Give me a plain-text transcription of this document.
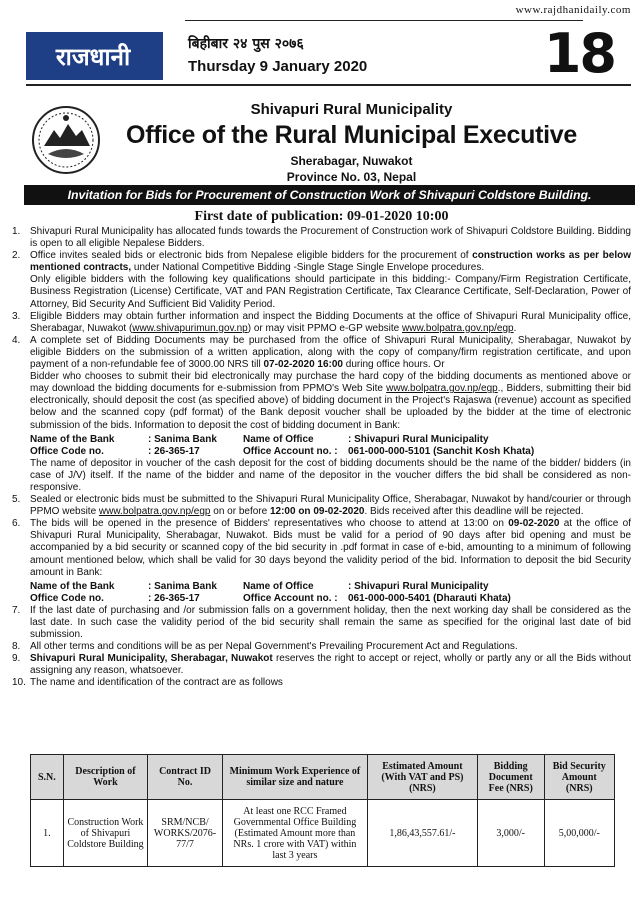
www.rajdhanidaily.com
राजधानी	बिहीबार २४ पुस २०७६
Thursday 9 January 2020	18
Shivapuri Rural Municipality
Office of the Rural Municipal Executive
Sherabagar, Nuwakot
Province No. 03, Nepal
Invitation for Bids for Procurement of Construction Work of Shivapuri Coldstore Building.
First date of publication: 09-01-2020 10:00
1. Shivapuri Rural Municipality has allocated funds towards the Procurement of Construction work of Shivapuri Coldstore Building. Bidding is open to all eligible Nepalese Bidders.
2. Office invites sealed bids or electronic bids from Nepalese eligible bidders for the procurement of construction works as per below mentioned contracts, under National Competitive Bidding -Single Stage Single Envelope procedures.
Only eligible bidders with the following key qualifications should participate in this bidding:- Company/Firm Registration Certificate, Business Registration (License) Certificate, VAT and PAN Registration Certificate, Tax Clearance Certificate, Self-Declaration, Power of Attorney, Bid Security And Sufficient Bid Validity Period.
3. Eligible Bidders may obtain further information and inspect the Bidding Documents at the office of Shivapuri Rural Municipality office, Sherabagar, Nuwakot (www.shivapurimun.gov.np) or may visit PPMO e-GP website www.bolpatra.gov.np/egp.
4. A complete set of Bidding Documents may be purchased from the office of Shivapuri Rural Municipality, Sherabagar, Nuwakot by eligible Bidders on the submission of a written application, along with the copy of company/firm registration certificate, and upon payment of a non-refundable fee of 3000.00 NRS till 07-02-2020 16:00 during office hours. Or
Bidder who chooses to submit their bid electronically may purchase the hard copy of the bidding documents as mentioned above or may download the bidding documents for e-submission from PPMO's Web Site www.bolpatra.gov.np/egp., Bidders, submitting their bid electronically, should deposit the cost (as specified above) of bidding document in the Project's Rajaswa (revenue) account as specified below and the scanned copy (pdf format) of the Bank deposit voucher shall be uploaded by the bidder at the time of electronic submission of the bids. Information to deposit the cost of bidding document in Bank:
Name of the Bank	: Sanima Bank	Name of Office	: Shivapuri Rural Municipality
Office Code no.	: 26-365-17	Office Account no. :	061-000-000-5101 (Sanchit Kosh Khata)
The name of depositor in voucher of the cash deposit for the cost of bidding documents should be the name of the bidder/ bidders (in case of J/V) itself. If the name of the bidder and name of the depositor in the voucher differs the bid shall be considered as non-responsive.
5. Sealed or electronic bids must be submitted to the Shivapuri Rural Municipality Office, Sherabagar, Nuwakot by hand/courier or through PPMO website www.bolpatra.gov.np/egp on or before 12:00 on 09-02-2020. Bids received after this deadline will be rejected.
6. The bids will be opened in the presence of Bidders' representatives who choose to attend at 13:00 on 09-02-2020 at the office of Shivapuri Rural Municipality, Sherabagar, Nuwakot. Bids must be valid for a period of 90 days after bid opening and must be accompanied by a bid security or scanned copy of the bid security in .pdf format in case of e-bid, amounting to a minimum of following amount mentioned below, which shall be valid for 30 days beyond the validity period of the bid. Information to deposit the bid Security amount in Bank:
Name of the Bank	: Sanima Bank	Name of Office	: Shivapuri Rural Municipality
Office Code no.	: 26-365-17	Office Account no. :	061-000-000-5401 (Dharauti Khata)
7. If the last date of purchasing and /or submission falls on a government holiday, then the next working day shall be considered as the last date. In such case the validity period of the bid security shall remain the same as specified for the original last date of bid submission.
8. All other terms and conditions will be as per Nepal Government's Prevailing Procurement Act and Regulations.
9. Shivapuri Rural Municipality, Sherabagar, Nuwakot reserves the right to accept or reject, wholly or partly any or all the Bids without assigning any reason, whatsoever.
10. The name and identification of the contract are as follows
S.N.	Description of Work	Contract ID No.	Minimum Work Experience of similar size and nature	Estimated Amount (With VAT and PS) (NRS)	Bidding Document Fee (NRS)	Bid Security Amount (NRS)
1.	Construction Work of Shivapuri Coldstore Building	SRM/NCB/ WORKS/2076-77/7	At least one RCC Framed Governmental Office Building (Estimated Amount more than NRs. 1 crore with VAT) within last 3 years	1,86,43,557.61/-	3,000/-	5,00,000/-
